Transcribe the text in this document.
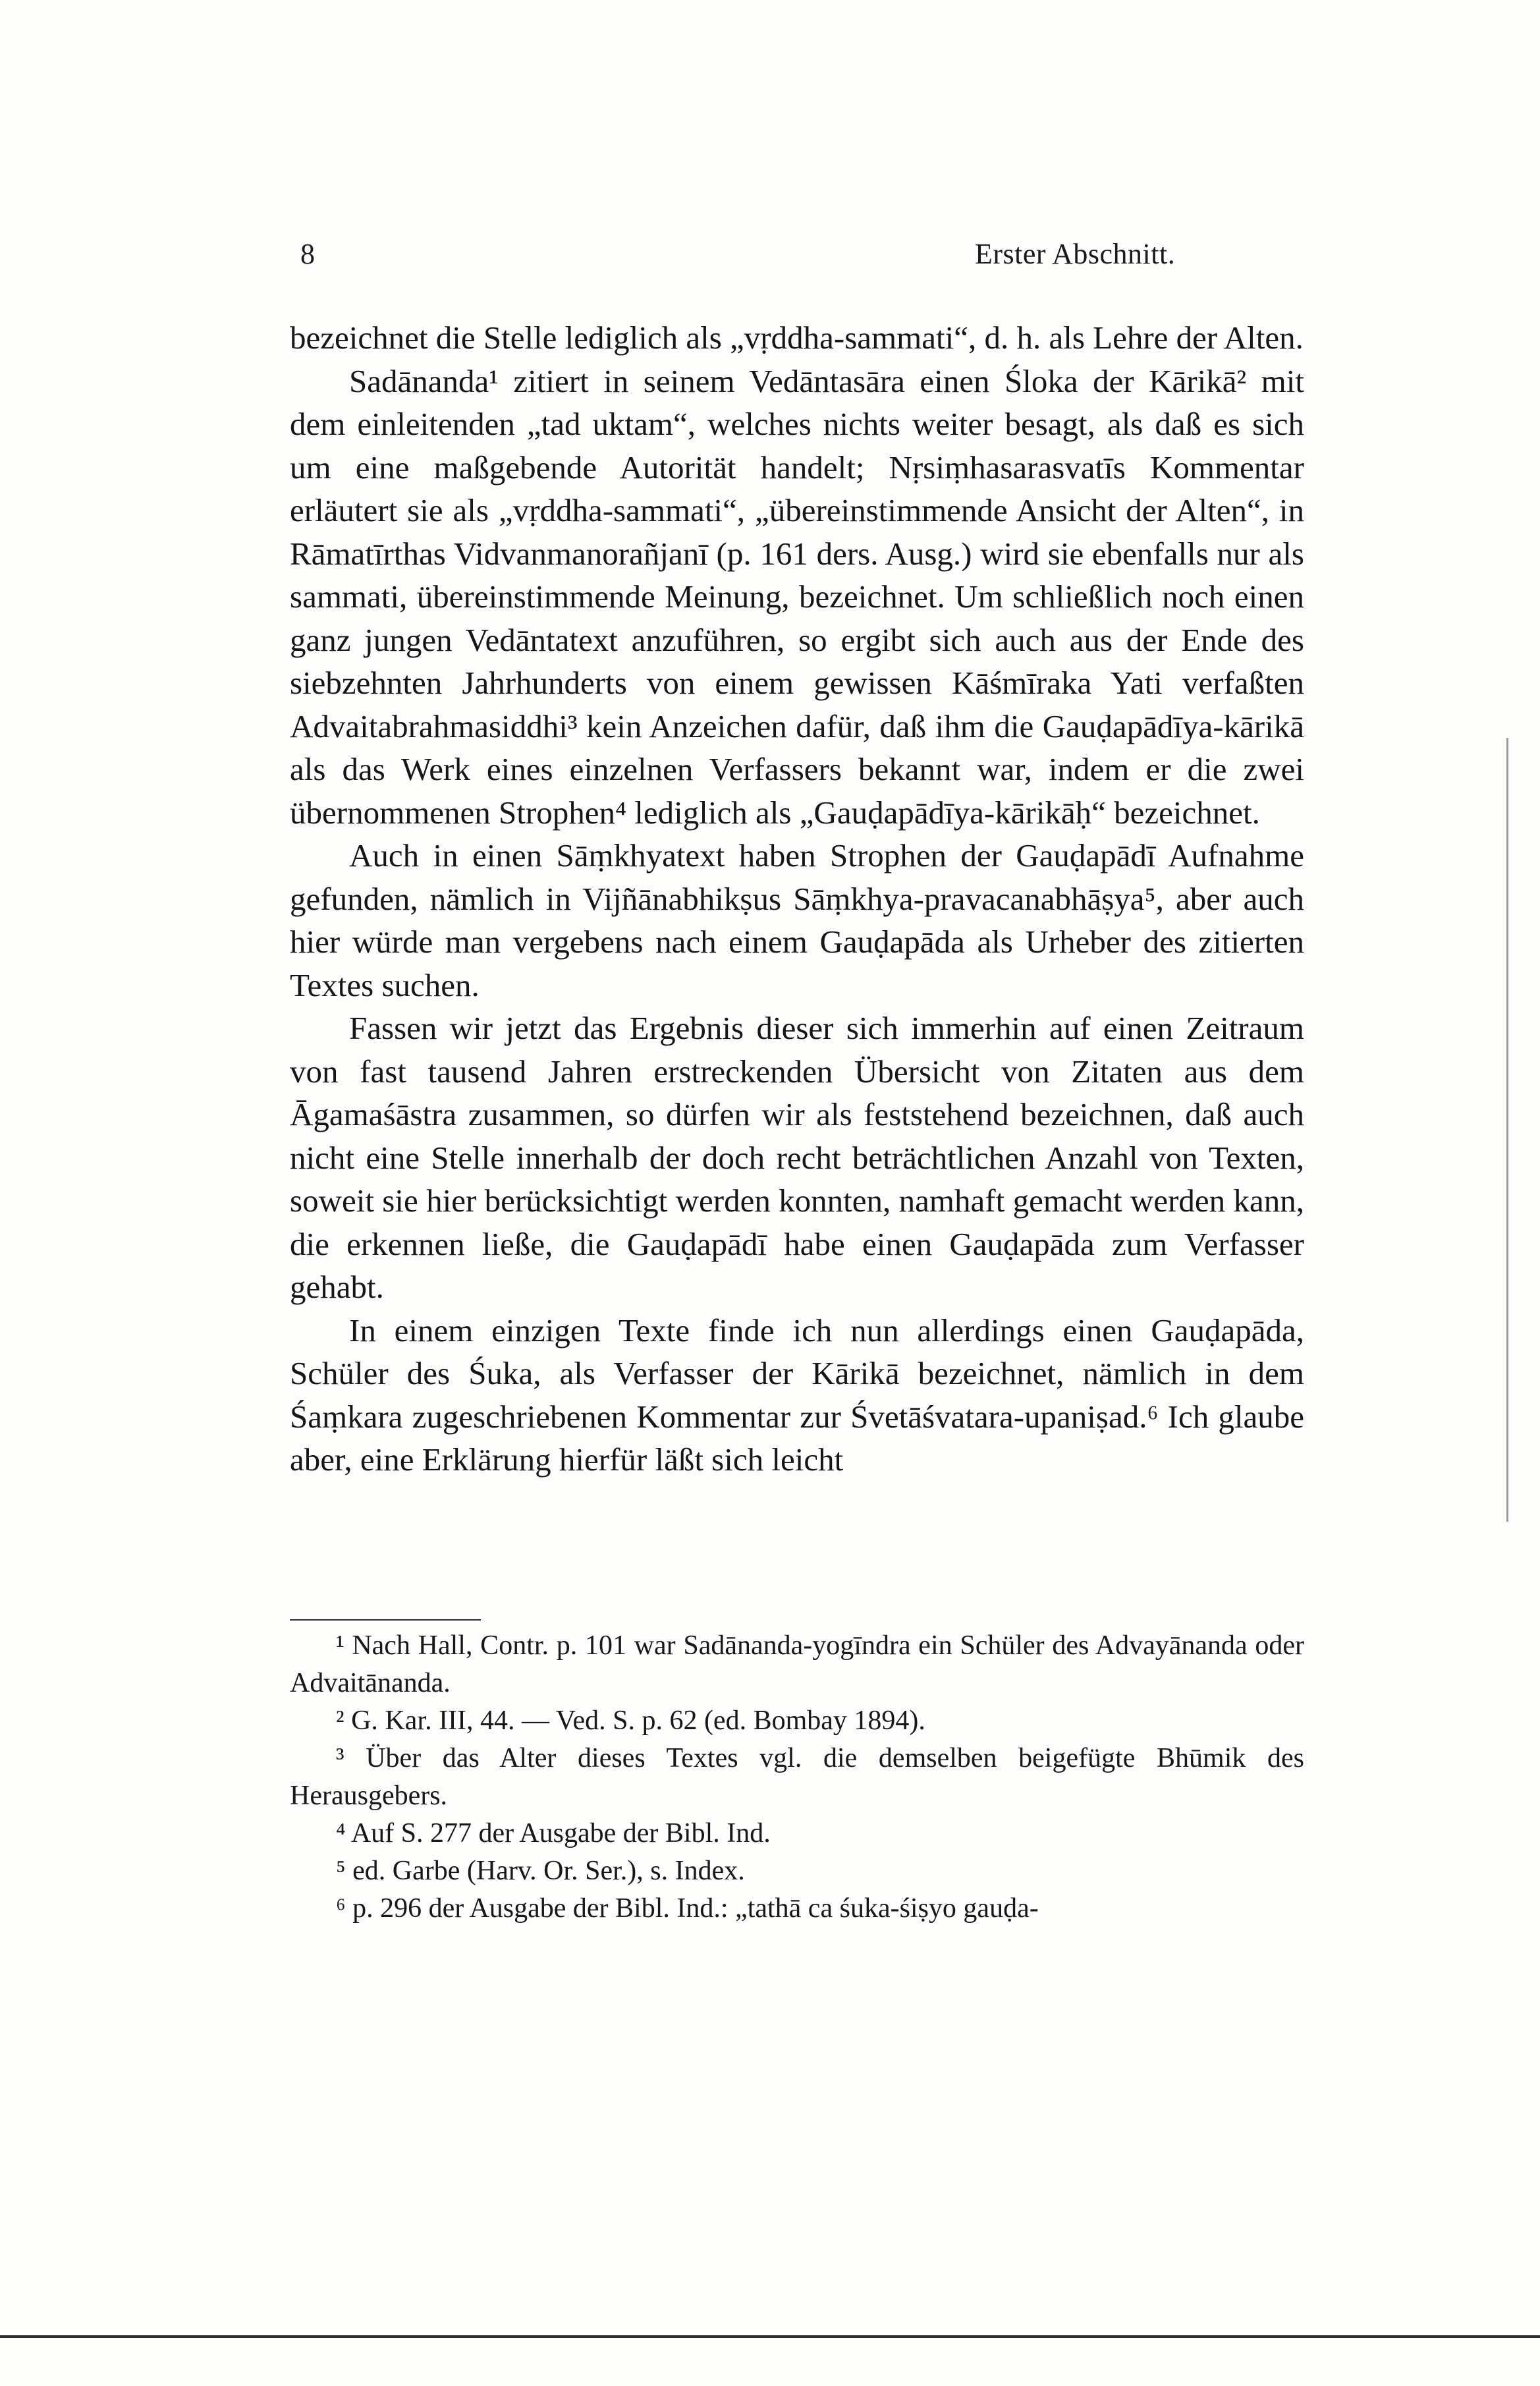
8	Erster Abschnitt.

bezeichnet die Stelle lediglich als „vṛddha-sammati“, d. h. als Lehre der Alten.

Sadānanda¹ zitiert in seinem Vedāntasāra einen Śloka der Kārikā² mit dem einleitenden „tad uktam“, welches nichts weiter besagt, als daß es sich um eine maßgebende Autorität handelt; Nṛsiṃhasarasvatīs Kommentar erläutert sie als „vṛddha-sammati“, „übereinstimmende Ansicht der Alten“, in Rāmatīrthas Vidvanmanorañjanī (p. 161 ders. Ausg.) wird sie ebenfalls nur als sammati, übereinstimmende Meinung, bezeichnet. Um schließlich noch einen ganz jungen Vedāntatext anzuführen, so ergibt sich auch aus der Ende des siebzehnten Jahrhunderts von einem gewissen Kāśmīraka Yati verfaßten Advaitabrahmasiddhi³ kein Anzeichen dafür, daß ihm die Gauḍapādīya-kārikā als das Werk eines einzelnen Verfassers bekannt war, indem er die zwei übernommenen Strophen⁴ lediglich als „Gauḍapādīya-kārikāḥ“ bezeichnet.

Auch in einen Sāṃkhyatext haben Strophen der Gauḍapādī Aufnahme gefunden, nämlich in Vijñānabhikṣus Sāṃkhya-pravacanabhāṣya⁵, aber auch hier würde man vergebens nach einem Gauḍapāda als Urheber des zitierten Textes suchen.

Fassen wir jetzt das Ergebnis dieser sich immerhin auf einen Zeitraum von fast tausend Jahren erstreckenden Übersicht von Zitaten aus dem Āgamaśāstra zusammen, so dürfen wir als feststehend bezeichnen, daß auch nicht eine Stelle innerhalb der doch recht beträchtlichen Anzahl von Texten, soweit sie hier berücksichtigt werden konnten, namhaft gemacht werden kann, die erkennen ließe, die Gauḍapādī habe einen Gauḍapāda zum Verfasser gehabt.

In einem einzigen Texte finde ich nun allerdings einen Gauḍapāda, Schüler des Śuka, als Verfasser der Kārikā bezeichnet, nämlich in dem Śaṃkara zugeschriebenen Kommentar zur Śvetāśvatara-upaniṣad.⁶ Ich glaube aber, eine Erklärung hierfür läßt sich leicht

¹ Nach Hall, Contr. p. 101 war Sadānanda-yogīndra ein Schüler des Advayānanda oder Advaitānanda.

² G. Kar. III, 44. — Ved. S. p. 62 (ed. Bombay 1894).

³ Über das Alter dieses Textes vgl. die demselben beigefügte Bhūmik des Herausgebers.

⁴ Auf S. 277 der Ausgabe der Bibl. Ind.

⁵ ed. Garbe (Harv. Or. Ser.), s. Index.

⁶ p. 296 der Ausgabe der Bibl. Ind.: „tathā ca śuka-śiṣyo gauḍa-
